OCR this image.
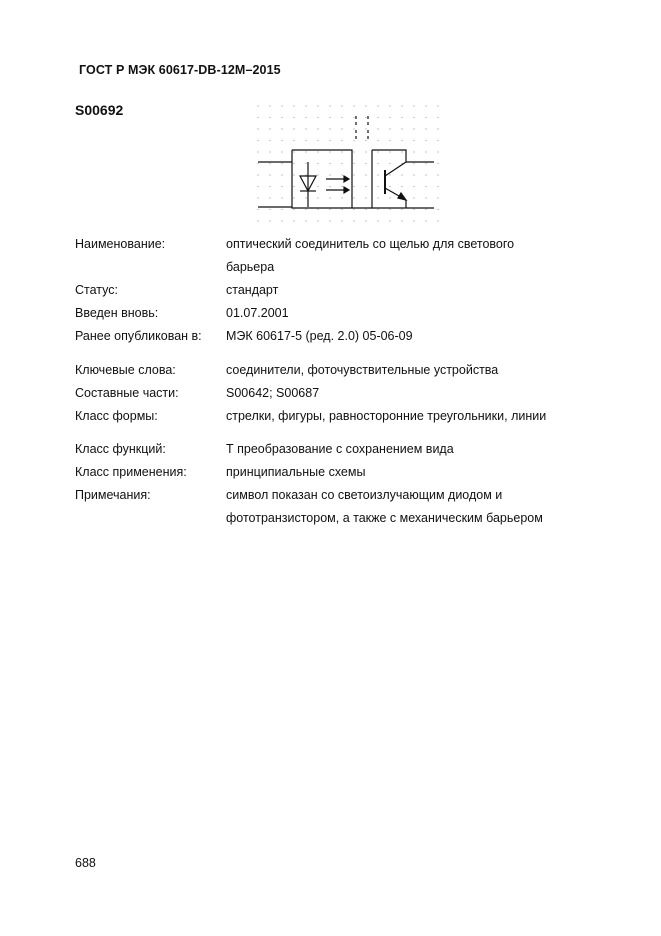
ГОСТ Р МЭК 60617-DB-12M–2015
S00692
Наименование:	оптический соединитель со щелью для светового
барьера
Статус:	стандарт
Введен вновь:	01.07.2001
Ранее опубликован в: МЭК 60617-5 (ред. 2.0) 05-06-09
Ключевые слова:	соединители, фоточувствительные устройства
Составные части:	S00642; S00687
Класс формы:	стрелки, фигуры, равносторонние треугольники, линии
Класс функций:	Т преобразование с сохранением вида
Класс применения:	принципиальные схемы
Примечания:	символ показан со светоизлучающим диодом и
фототранзистором, а также с механическим барьером
688
